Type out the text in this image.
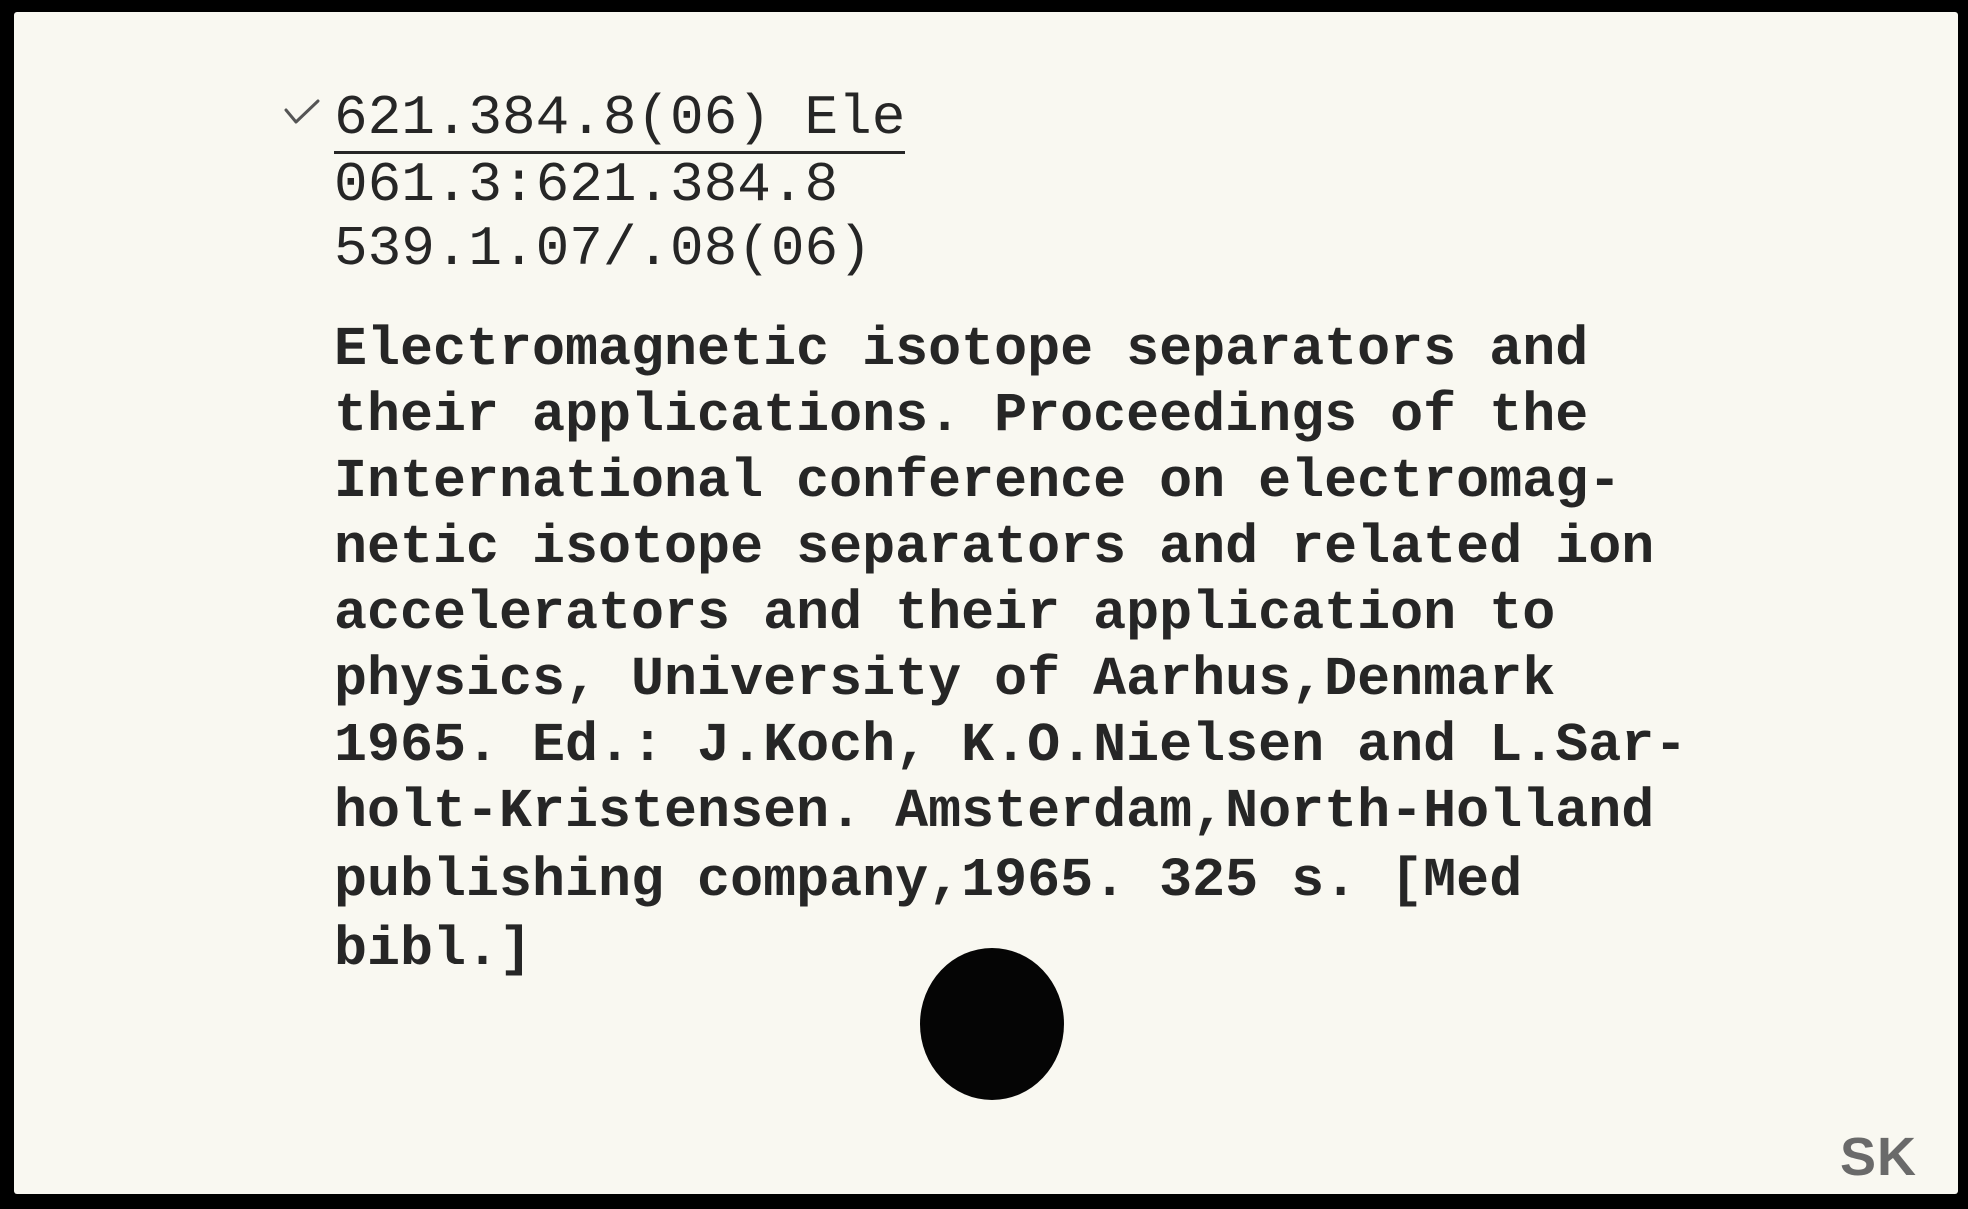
621.384.8(06) Ele
061.3:621.384.8
539.1.07/.08(06)
Electromagnetic isotope separators and
their applications. Proceedings of the
International conference on electromag-
netic isotope separators and related ion
accelerators and their application to
physics, University of Aarhus,Denmark
1965. Ed.: J.Koch, K.O.Nielsen and L.Sar-
holt-Kristensen. Amsterdam,North-Holland
publishing company,1965. 325 s. [Med
bibl.]
SK
